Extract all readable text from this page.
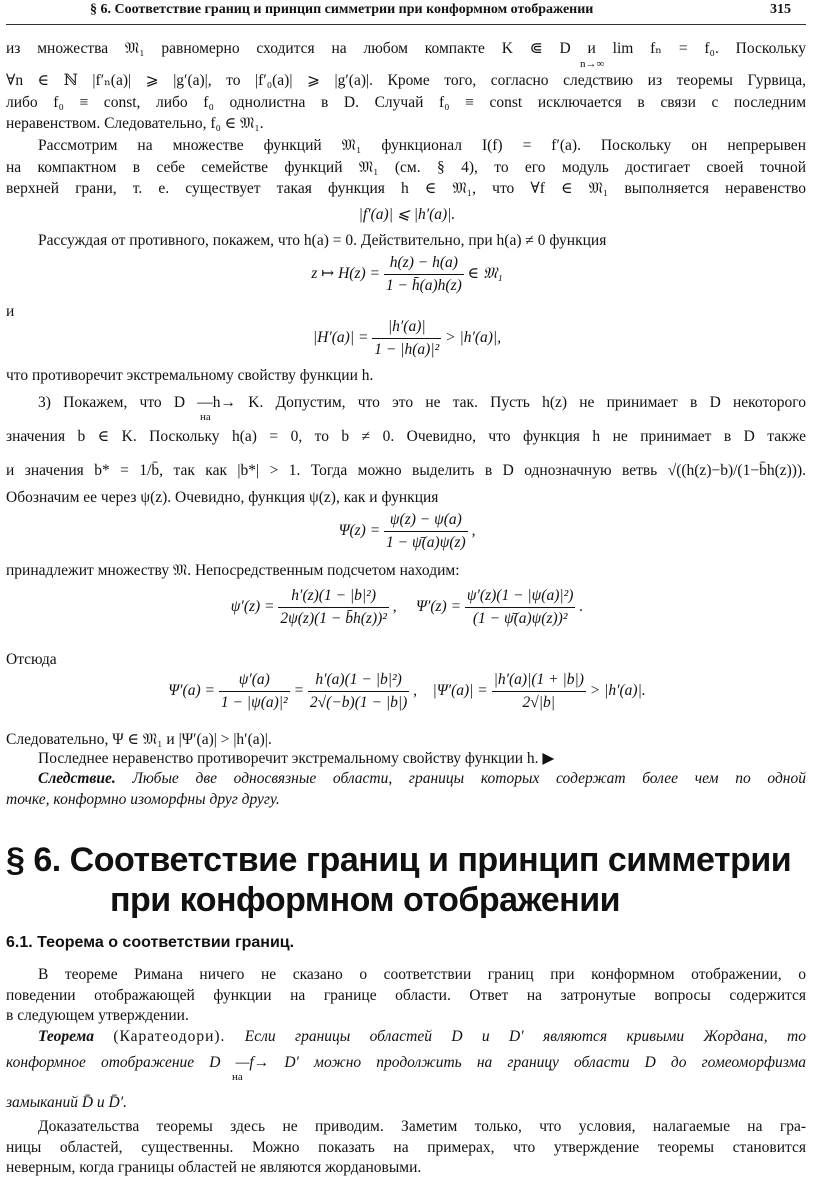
§ 6. Соответствие границ и принцип симметрии при конформном отображении	315
из множества 𝔐₁ равномерно сходится на любом компакте K ⋐ D и lim fₙ = f₀. Поскольку
n→∞
∀n ∈ ℕ |f′ₙ(a)| ⩾ |g′(a)|, то |f′₀(a)| ⩾ |g′(a)|. Кроме того, согласно следствию из теоремы Гурвица,
либо f₀ ≡ const, либо f₀ однолистна в D. Случай f₀ ≡ const исключается в связи с последним
неравенством. Следовательно, f₀ ∈ 𝔐₁.
Рассмотрим на множестве функций 𝔐₁ функционал I(f) = f′(a). Поскольку он непрерывен
на компактном в себе семействе функций 𝔐₁ (см. § 4), то его модуль достигает своей точной
верхней грани, т. е. существует такая функция h ∈ 𝔐₁, что ∀f ∈ 𝔐₁ выполняется неравенство
|f′(a)| ⩽ |h′(a)|.
Рассуждая от противного, покажем, что h(a) = 0. Действительно, при h(a) ≠ 0 функция
z ↦ $H(z) = \frac{h(z) - h(a)}{1 - h̄(a)h(z)}$ ∈ 𝔐₁
и
$|H'(a)| = \frac{|h'(a)|}{\text{1 − |h(a)|²}} > |h'(a)|$,
что противоречит экстремальному свойству функции h.
3) Покажем, что D —h→ K. Допустим, что это не так. Пусть h(z) не принимает в D некоторого
на
значения b ∈ K. Поскольку h(a) = 0, то b ≠ 0. Очевидно, что функция h не принимает в D также
и значения b* = 1/b̄, так как |b*| > 1. Тогда можно выделить в D однозначную ветвь √((h(z)−b)/(1−b̄h(z))).
Обозначим ее через ψ(z). Очевидно, функция ψ(z), как и функция
$\Psi(z) = \frac{\psi(z) - \psi(a)}{1 - \psī(a)\psi(z)}$ ,
принадлежит множеству 𝔐. Непосредственным подсчетом находим:
$\psi'(z) = \frac{\text{h′(z)(1 − |b|²)}}{\text{2ψ(z)(1 − b̄h(z))²}}$ , $\Psi'(z) = \frac{\text{ψ′(z)(1 − |ψ(a)|²)}}{\text{(1 − ψ̄(a)ψ(z))²}}$ .
Отсюда
$\Psi'(a) = \frac{\psi'(a)}{\text{1 − |ψ(a)|²}} = \frac{\text{h′(a)(1 − |b|²)}}{2√(-b)(1 - |b|)}$ , $|\Psi'(a)| = \frac{|h'(a)|(1 + |b|)}{2√|b|} > |h'(a)|$.
Следовательно, Ψ ∈ 𝔐₁ и |Ψ′(a)| > |h′(a)|.
Последнее неравенство противоречит экстремальному свойству функции h. ▶
Следствие. Любые две односвязные области, границы которых содержат более чем по одной
точке, конформно изоморфны друг другу.
§ 6. Соответствие границ и принцип симметрии
при конформном отображении
6.1. Теорема о соответствии границ.
В теореме Римана ничего не сказано о соответствии границ при конформном отображении, о
поведении отображающей функции на границе области. Ответ на затронутые вопросы содержится
в следующем утверждении.
Теорема (Каратеодори). Если границы областей D и D′ являются кривыми Жордана, то
конформное отображение D —f→ D′ можно продолжить на границу области D до гомеоморфизма
на
замыканий D̄ и D̄′.
Доказательства теоремы здесь не приводим. Заметим только, что условия, налагаемые на гра-
ницы областей, существенны. Можно показать на примерах, что утверждение теоремы становится
неверным, когда границы областей не являются жордановыми.
